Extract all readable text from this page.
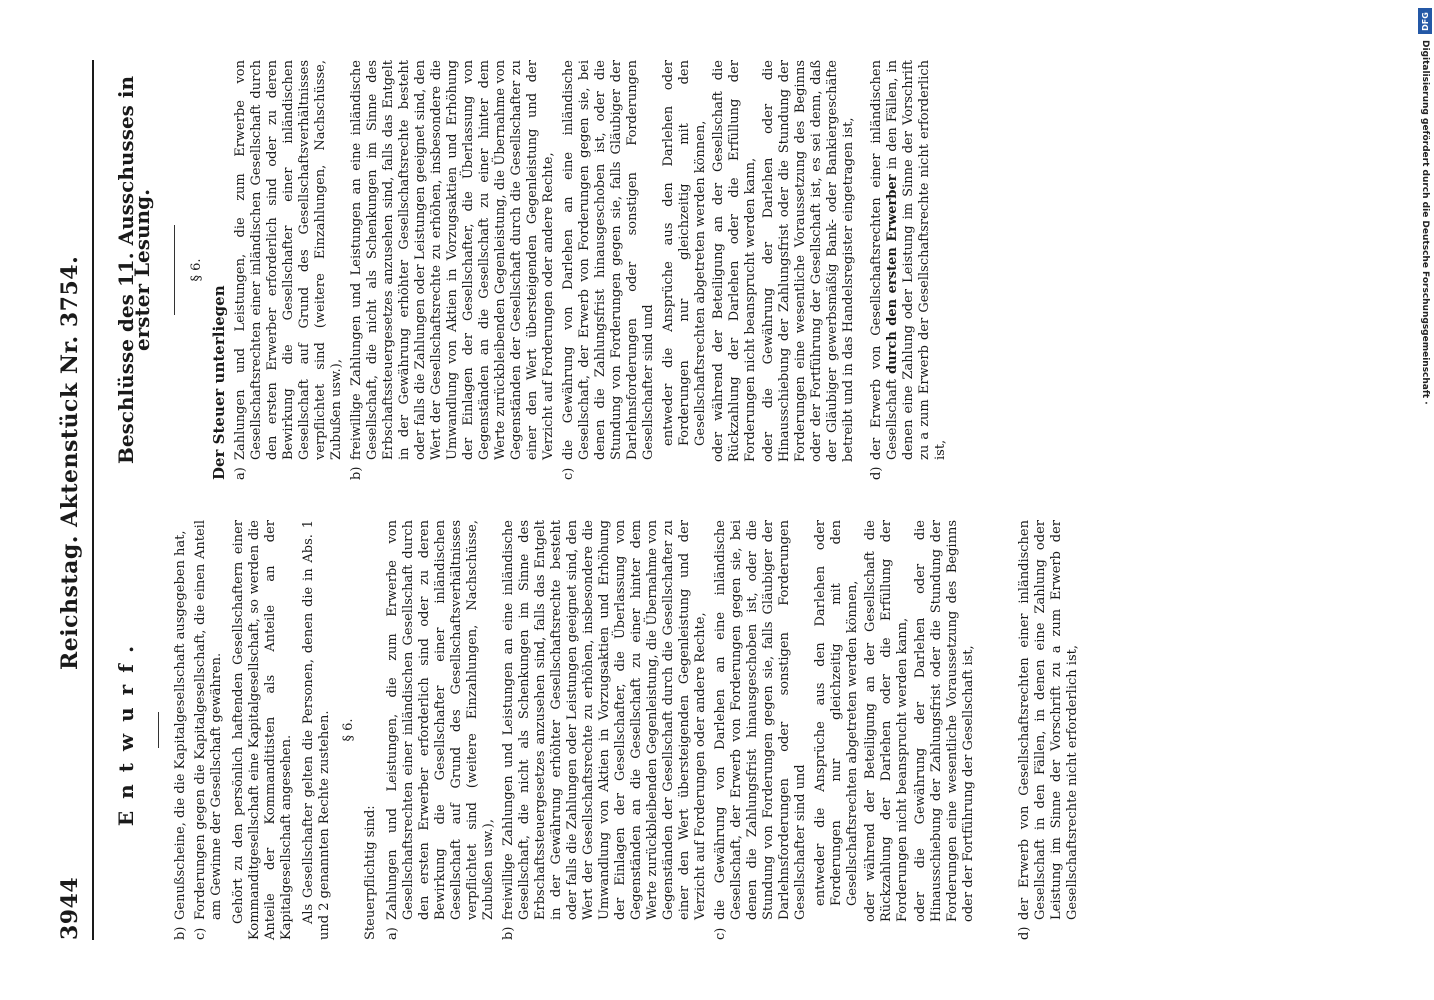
3944
Reichstag. Aktenstück Nr. 3754.
Entwurf.
b)
Genußscheine, die die Kapitalgesellschaft ausgegeben hat,
c)
Forderungen gegen die Kapitalgesellschaft, die einen Anteil am Gewinne der Gesellschaft gewähren. Gehört zu den persönlich haftenden Gesellschaftern einer Kommanditgesellschaft eine Kapitalgesellschaft, so werden die Anteile der Kommanditisten als Anteile an der Kapitalgesellschaft angesehen. Als Gesellschafter gelten die Personen, denen die in Abs. 1 und 2 genannten Rechte zustehen. § 6.

Steuerpflichtig sind: a)
Zahlungen und Leistungen, die zum Erwerbe von Gesellschaftsrechten einer inländischen Gesellschaft durch den ersten Erwerber erforderlich sind oder zu deren Bewirkung die Gesellschafter einer inländischen Gesellschaft auf Grund des Gesellschaftsverhältnisses verpflichtet sind (weitere Einzahlungen, Nachschüsse, Zubußen usw.),
b)
freiwillige Zahlungen und Leistungen an eine inländische Gesellschaft, die nicht als Schenkungen im Sinne des Erbschaftssteuergesetzes anzusehen sind, falls das Entgelt in der Gewährung erhöhter Gesellschaftsrechte besteht oder falls die Zahlungen oder Leistungen geeignet sind, den Wert der Gesellschaftsrechte zu erhöhen, insbesondere die Umwandlung von Aktien in Vorzugsaktien und Erhöhung der Einlagen der Gesellschafter, die Überlassung von Gegenständen an die Gesellschaft zu einer hinter dem Werte zurückbleibenden Gegenleistung, die Übernahme von Gegenständen der Gesellschaft durch die Gesellschafter zu einer den Wert übersteigenden Gegenleistung und der Verzicht auf Forderungen oder andere Rechte,
c)
die Gewährung von Darlehen an eine inländische Gesellschaft, der Erwerb von Forderungen gegen sie, bei denen die Zahlungsfrist hinausgeschoben ist, oder die Stundung von Forderungen gegen sie, falls Gläubiger der Darlehnsforderungen oder sonstigen Forderungen Gesellschafter sind und entweder die Ansprüche aus den Darlehen oder Forderungen nur gleichzeitig mit den Gesellschaftsrechten abgetreten werden können, oder während der Beteiligung an der Gesellschaft die Rückzahlung der Darlehen oder die Erfüllung der Forderungen nicht beansprucht werden kann, oder die Gewährung der Darlehen oder die Hinausschiebung der Zahlungsfrist oder die Stundung der Forderungen eine wesentliche Voraussetzung des Beginns oder der Fortführung der Gesellschaft ist,

d)
der Erwerb von Gesellschaftsrechten einer inländischen Gesellschaft in den Fällen, in denen eine Zahlung oder Leistung im Sinne der Vorschrift zu a zum Erwerb der Gesellschaftsrechte nicht erforderlich ist,
Beschlüsse des 11. Ausschusses in erster Lesung.	§ 6.

Der Steuer unterliegen a)
Zahlungen und Leistungen, die zum Erwerbe von Gesellschaftsrechten einer inländischen Gesellschaft durch den ersten Erwerber erforderlich sind oder zu deren Bewirkung die Gesellschafter einer inländischen Gesellschaft auf Grund des Gesellschaftsverhältnisses verpflichtet sind (weitere Einzahlungen, Nachschüsse, Zubußen usw.),
b)
freiwillige Zahlungen und Leistungen an eine inländische Gesellschaft, die nicht als Schenkungen im Sinne des Erbschaftssteuergesetzes anzusehen sind, falls das Entgelt in der Gewährung erhöhter Gesellschaftsrechte besteht oder falls die Zahlungen oder Leistungen geeignet sind, den Wert der Gesellschaftsrechte zu erhöhen, insbesondere die Umwandlung von Aktien in Vorzugsaktien und Erhöhung der Einlagen der Gesellschafter, die Überlassung von Gegenständen an die Gesellschaft zu einer hinter dem Werte zurückbleibenden Gegenleistung, die Übernahme von Gegenständen der Gesellschaft durch die Gesellschafter zu einer den Wert übersteigenden Gegenleistung und der Verzicht auf Forderungen oder andere Rechte,
c)
die Gewährung von Darlehen an eine inländische Gesellschaft, der Erwerb von Forderungen gegen sie, bei denen die Zahlungsfrist hinausgeschoben ist, oder die Stundung von Forderungen gegen sie, falls Gläubiger der Darlehnsforderungen oder sonstigen Forderungen Gesellschafter sind und entweder die Ansprüche aus den Darlehen oder Forderungen nur gleichzeitig mit den Gesellschaftsrechten abgetreten werden können, oder während der Beteiligung an der Gesellschaft die Rückzahlung der Darlehen oder die Erfüllung der Forderungen nicht beansprucht werden kann, oder die Gewährung der Darlehen oder die Hinausschiebung der Zahlungsfrist oder die Stundung der Forderungen eine wesentliche Voraussetzung des Beginns oder der Fortführung der Gesellschaft ist, es sei denn, daß der Gläubiger gewerbsmäßig Bank- oder Bankiergeschäfte betreibt und in das Handelsregister eingetragen ist,

d)
der Erwerb von Gesellschaftsrechten einer inländischen Gesellschaft durch den ersten Erwerber in den Fällen, in denen eine Zahlung oder Leistung im Sinne der Vorschrift zu a zum Erwerb der Gesellschaftsrechte nicht erforderlich ist,
DFG
Digitalisierung gefördert durch die Deutsche Forschungsgemeinschaft ·
